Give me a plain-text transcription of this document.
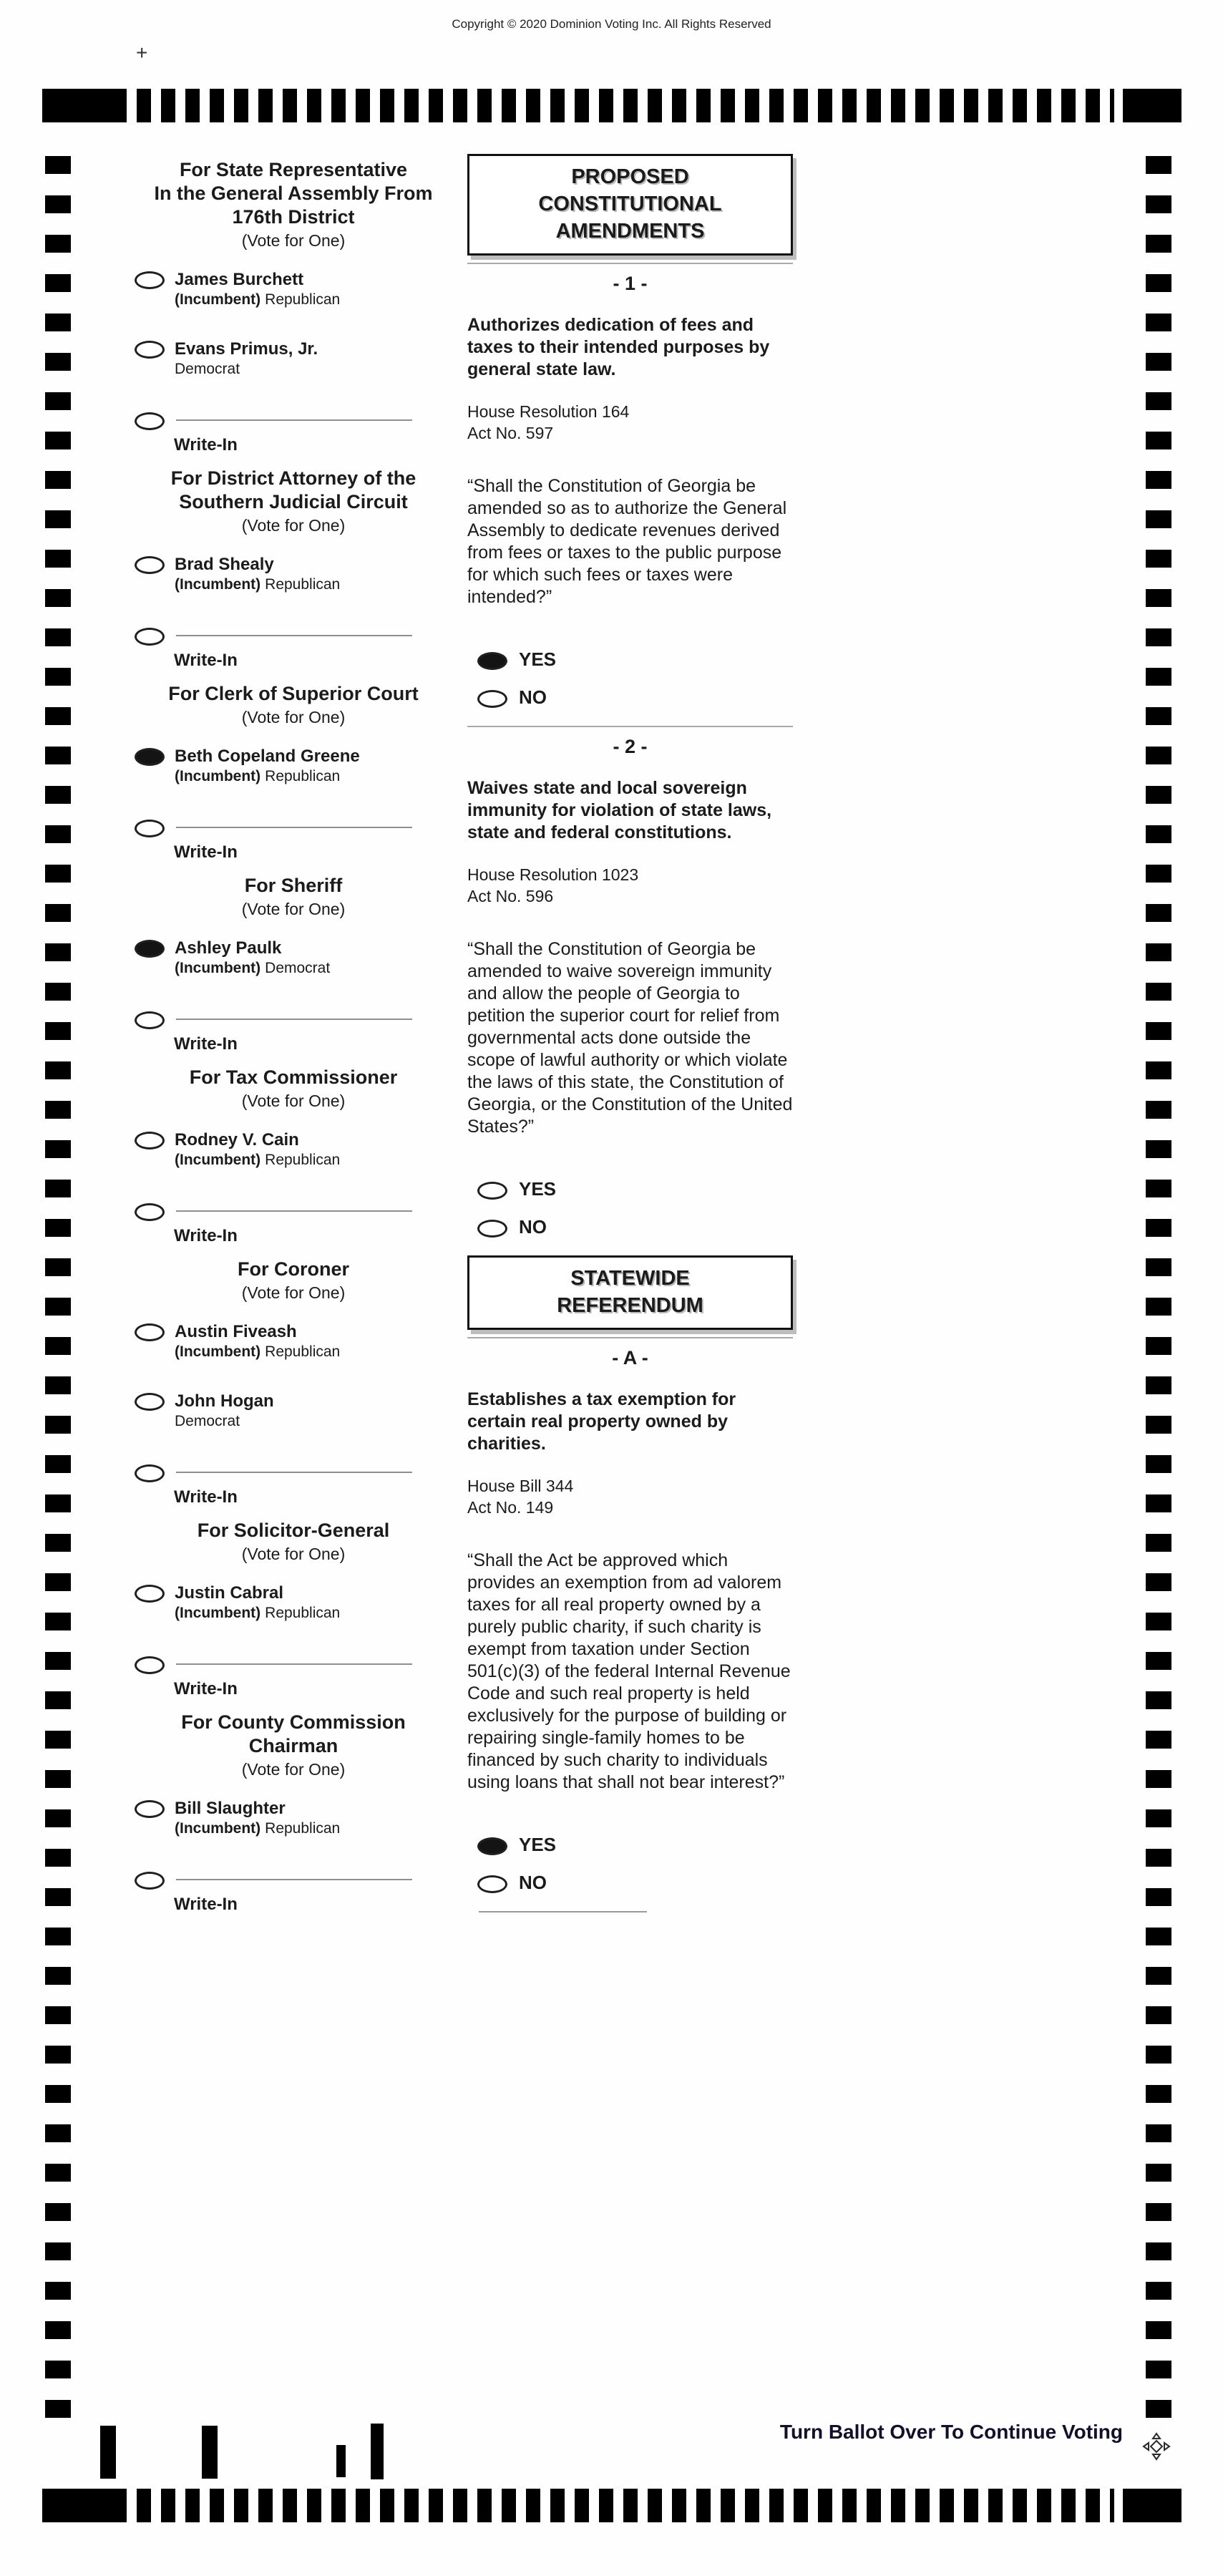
Copyright © 2020 Dominion Voting Inc. All Rights Reserved
+
For State Representative
In the General Assembly From
176th District
(Vote for One)
James Burchett
(Incumbent) Republican
Evans Primus, Jr.
Democrat
Write-In
For District Attorney of the
Southern Judicial Circuit
(Vote for One)
Brad Shealy
(Incumbent) Republican
Write-In
For Clerk of Superior Court
(Vote for One)
Beth Copeland Greene
(Incumbent) Republican
Write-In
For Sheriff
(Vote for One)
Ashley Paulk
(Incumbent) Democrat
Write-In
For Tax Commissioner
(Vote for One)
Rodney V. Cain
(Incumbent) Republican
Write-In
For Coroner
(Vote for One)
Austin Fiveash
(Incumbent) Republican
John Hogan
Democrat
Write-In
For Solicitor-General
(Vote for One)
Justin Cabral
(Incumbent) Republican
Write-In
For County Commission
Chairman
(Vote for One)
Bill Slaughter
(Incumbent) Republican
Write-In
PROPOSED
CONSTITUTIONAL
AMENDMENTS
- 1 -
Authorizes dedication of fees and taxes to their intended purposes by general state law.
House Resolution 164
Act No. 597
“Shall the Constitution of Georgia be amended so as to authorize the General Assembly to dedicate revenues derived from fees or taxes to the public purpose for which such fees or taxes were intended?”
YES
NO
- 2 -
Waives state and local sovereign immunity for violation of state laws, state and federal constitutions.
House Resolution 1023
Act No. 596
“Shall the Constitution of Georgia be amended to waive sovereign immunity and allow the people of Georgia to petition the superior court for relief from governmental acts done outside the scope of lawful authority or which violate the laws of this state, the Constitution of Georgia, or the Constitution of the United States?”
YES
NO
STATEWIDE
REFERENDUM
- A -
Establishes a tax exemption for certain real property owned by charities.
House Bill 344
Act No. 149
“Shall the Act be approved which provides an exemption from ad valorem taxes for all real property owned by a purely public charity, if such charity is exempt from taxation under Section 501(c)(3) of the federal Internal Revenue Code and such real property is held exclusively for the purpose of building or repairing single-family homes to be financed by such charity to individuals using loans that shall not bear interest?”
YES
NO
Turn Ballot Over To Continue Voting
